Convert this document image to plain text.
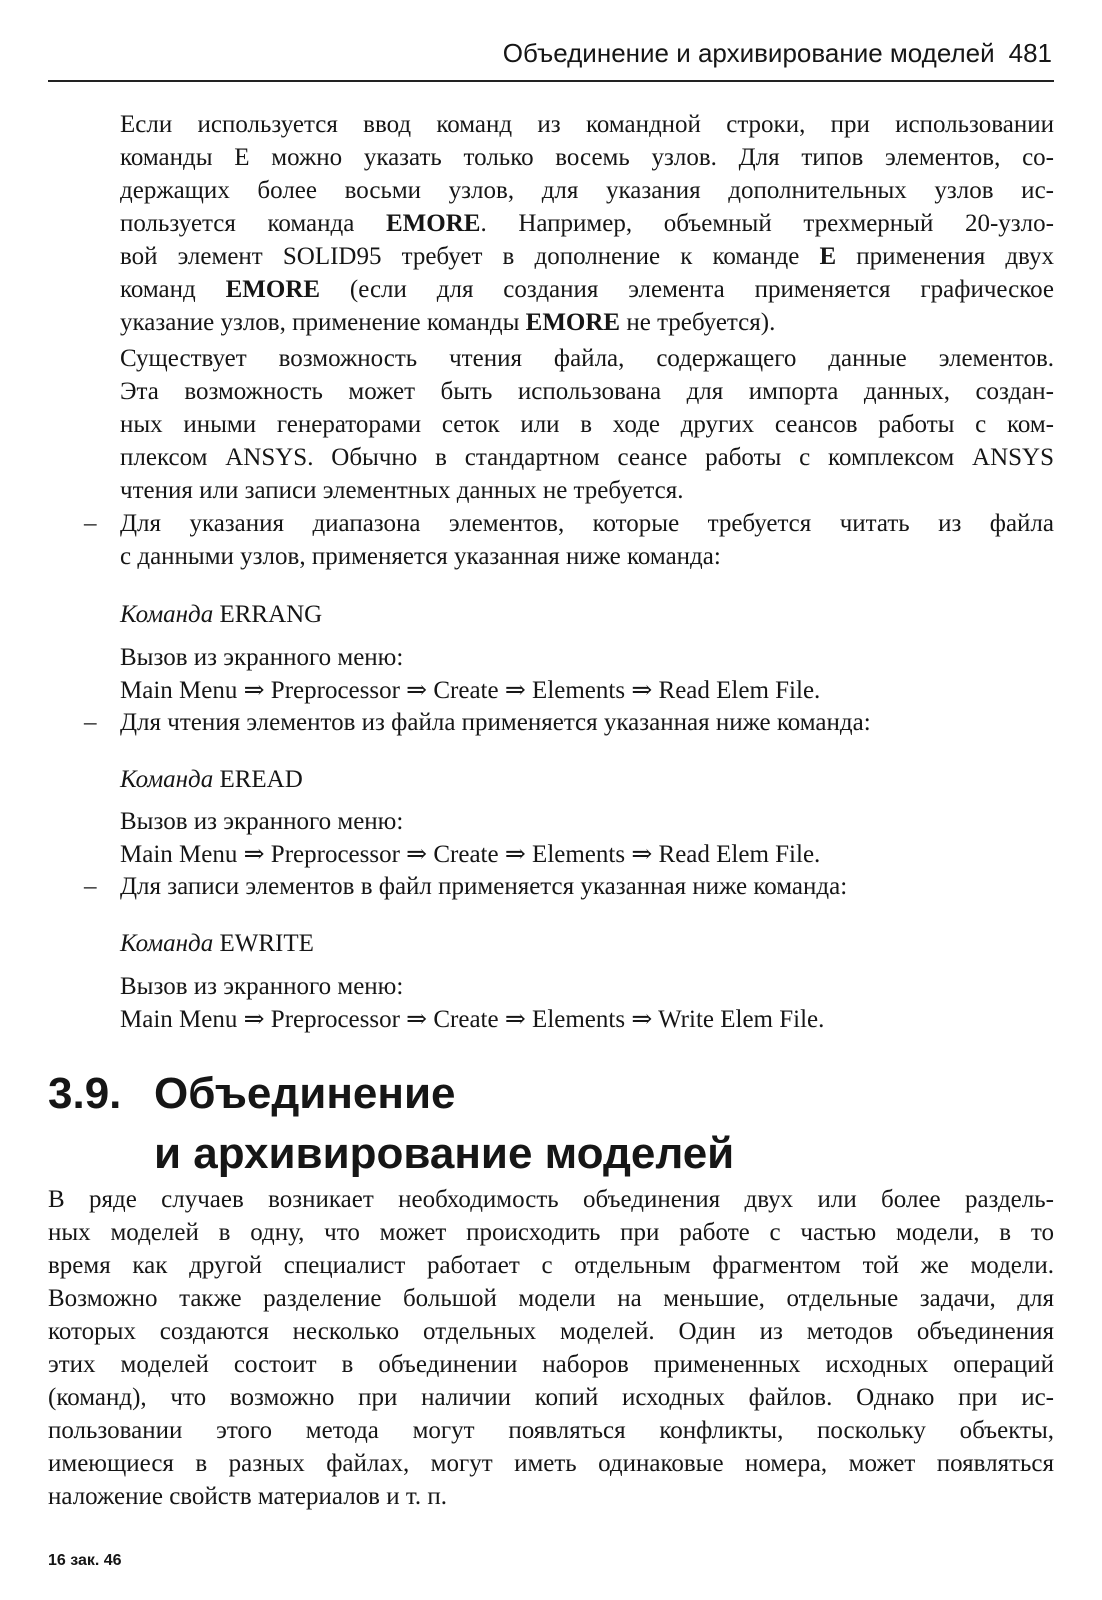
Объединение и архивирование моделей 481
Если используется ввод команд из командной строки, при использовании
команды E можно указать только восемь узлов. Для типов элементов, со-
держащих более восьми узлов, для указания дополнительных узлов ис-
пользуется команда EMORE. Например, объемный трехмерный 20-узло-
вой элемент SOLID95 требует в дополнение к команде E применения двух
команд EMORE (если для создания элемента применяется графическое
указание узлов, применение команды EMORE не требуется).
Существует возможность чтения файла, содержащего данные элементов.
Эта возможность может быть использована для импорта данных, создан-
ных иными генераторами сеток или в ходе других сеансов работы с ком-
плексом ANSYS. Обычно в стандартном сеансе работы с комплексом ANSYS
чтения или записи элементных данных не требуется.
– Для указания диапазона элементов, которые требуется читать из файла
с данными узлов, применяется указанная ниже команда:
Команда ERRANG
Вызов из экранного меню:
Main Menu ⇒ Preprocessor ⇒ Create ⇒ Elements ⇒ Read Elem File.
– Для чтения элементов из файла применяется указанная ниже команда:
Команда EREAD
Вызов из экранного меню:
Main Menu ⇒ Preprocessor ⇒ Create ⇒ Elements ⇒ Read Elem File.
– Для записи элементов в файл применяется указанная ниже команда:
Команда EWRITE
Вызов из экранного меню:
Main Menu ⇒ Preprocessor ⇒ Create ⇒ Elements ⇒ Write Elem File.
3.9. Объединение
и архивирование моделей
В ряде случаев возникает необходимость объединения двух или более раздель-
ных моделей в одну, что может происходить при работе с частью модели, в то
время как другой специалист работает с отдельным фрагментом той же модели.
Возможно также разделение большой модели на меньшие, отдельные задачи, для
которых создаются несколько отдельных моделей. Один из методов объединения
этих моделей состоит в объединении наборов примененных исходных операций
(команд), что возможно при наличии копий исходных файлов. Однако при ис-
пользовании этого метода могут появляться конфликты, поскольку объекты,
имеющиеся в разных файлах, могут иметь одинаковые номера, может появляться
наложение свойств материалов и т. п.
16 зак. 46
